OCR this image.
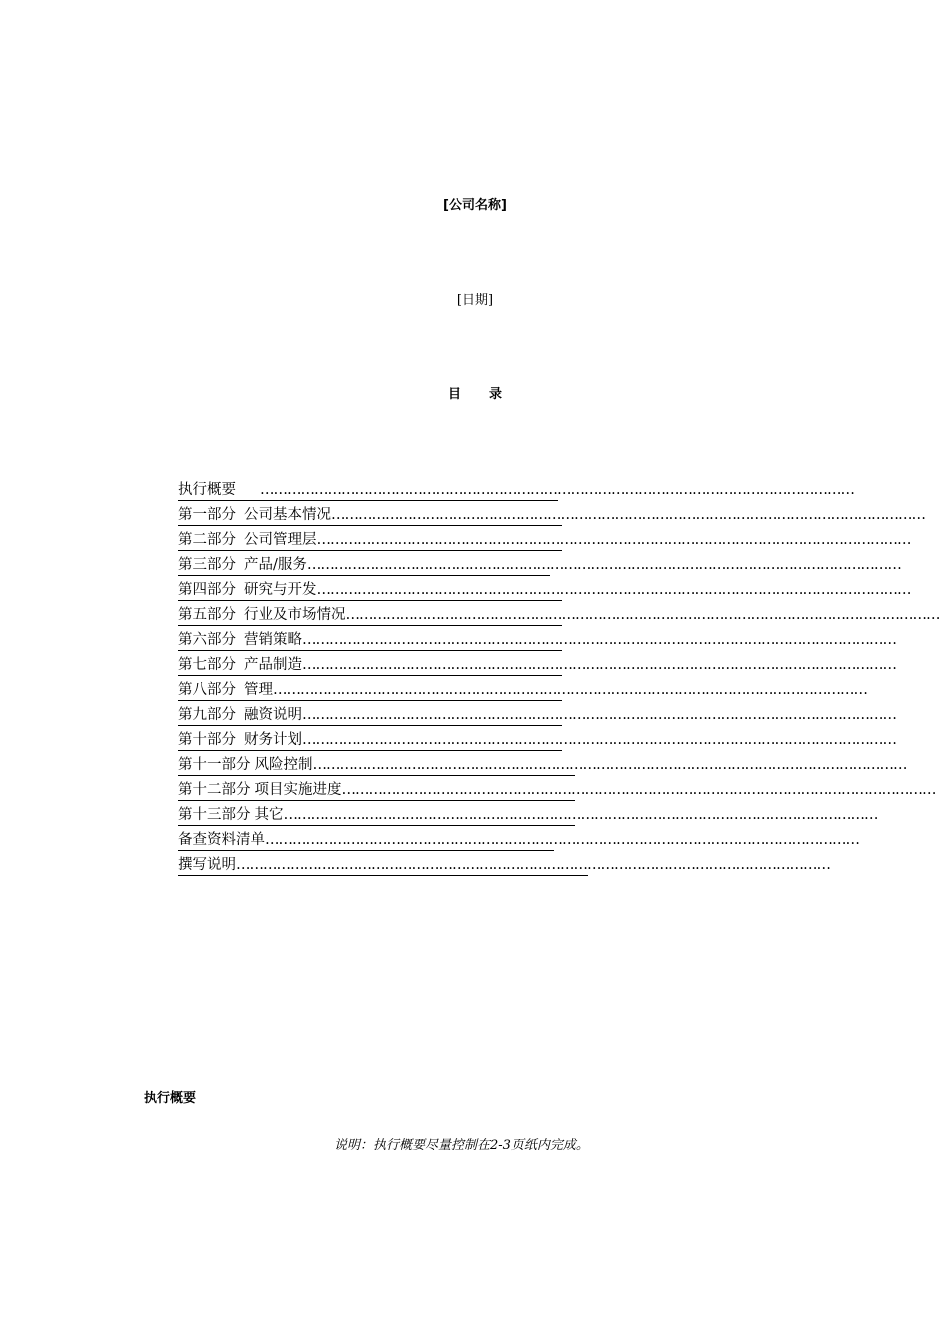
[公司名称]
[日期]
目 录
执行概要 ……………………………………………………………………………………………………………………
第一部分 公司基本情况……………………………………………………………………………………………………………………
第二部分 公司管理层……………………………………………………………………………………………………………………
第三部分 产品/服务……………………………………………………………………………………………………………………
第四部分 研究与开发……………………………………………………………………………………………………………………
第五部分 行业及市场情况……………………………………………………………………………………………………………………
第六部分 营销策略……………………………………………………………………………………………………………………
第七部分 产品制造……………………………………………………………………………………………………………………
第八部分 管理……………………………………………………………………………………………………………………
第九部分 融资说明……………………………………………………………………………………………………………………
第十部分 财务计划……………………………………………………………………………………………………………………
第十一部分 风险控制……………………………………………………………………………………………………………………
第十二部分 项目实施进度……………………………………………………………………………………………………………………
第十三部分 其它……………………………………………………………………………………………………………………
备查资料清单……………………………………………………………………………………………………………………
撰写说明……………………………………………………………………………………………………………………
执行概要
说明：执行概要尽量控制在2-3页纸内完成。
